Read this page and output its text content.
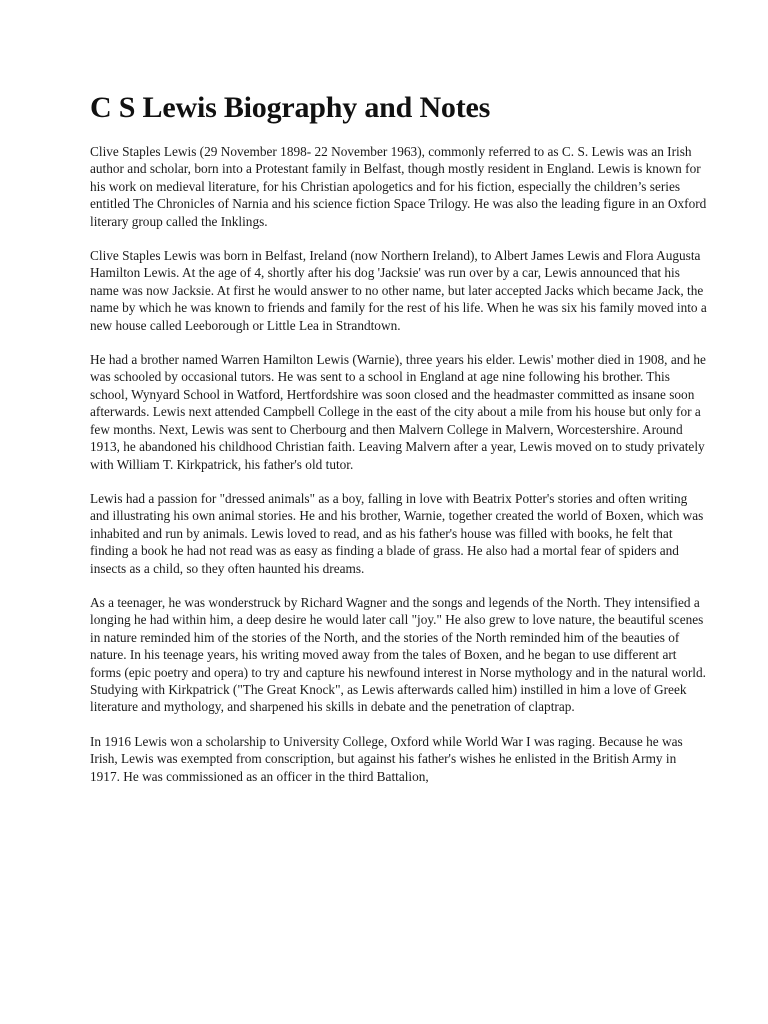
C S Lewis Biography and Notes

Clive Staples Lewis (29 November 1898- 22 November 1963), commonly referred to as C. S. Lewis was an Irish author and scholar, born into a Protestant family in Belfast, though mostly resident in England. Lewis is known for his work on medieval literature, for his Christian apologetics and for his fiction, especially the children’s series entitled The Chronicles of Narnia and his science fiction Space Trilogy. He was also the leading figure in an Oxford literary group called the Inklings.

Clive Staples Lewis was born in Belfast, Ireland (now Northern Ireland), to Albert James Lewis and Flora Augusta Hamilton Lewis. At the age of 4, shortly after his dog 'Jacksie' was run over by a car, Lewis announced that his name was now Jacksie. At first he would answer to no other name, but later accepted Jacks which became Jack, the name by which he was known to friends and family for the rest of his life. When he was six his family moved into a new house called Leeborough or Little Lea in Strandtown.

He had a brother named Warren Hamilton Lewis (Warnie), three years his elder. Lewis' mother died in 1908, and he was schooled by occasional tutors. He was sent to a school in England at age nine following his brother. This school, Wynyard School in Watford, Hertfordshire was soon closed and the headmaster committed as insane soon afterwards. Lewis next attended Campbell College in the east of the city about a mile from his house but only for a few months. Next, Lewis was sent to Cherbourg and then Malvern College in Malvern, Worcestershire. Around 1913, he abandoned his childhood Christian faith. Leaving Malvern after a year, Lewis moved on to study privately with William T. Kirkpatrick, his father's old tutor.

Lewis had a passion for "dressed animals" as a boy, falling in love with Beatrix Potter's stories and often writing and illustrating his own animal stories. He and his brother, Warnie, together created the world of Boxen, which was inhabited and run by animals. Lewis loved to read, and as his father's house was filled with books, he felt that finding a book he had not read was as easy as finding a blade of grass. He also had a mortal fear of spiders and insects as a child, so they often haunted his dreams.

As a teenager, he was wonderstruck by Richard Wagner and the songs and legends of the North. They intensified a longing he had within him, a deep desire he would later call "joy." He also grew to love nature, the beautiful scenes in nature reminded him of the stories of the North, and the stories of the North reminded him of the beauties of nature. In his teenage years, his writing moved away from the tales of Boxen, and he began to use different art forms (epic poetry and opera) to try and capture his newfound interest in Norse mythology and in the natural world. Studying with Kirkpatrick ("The Great Knock", as Lewis afterwards called him) instilled in him a love of Greek literature and mythology, and sharpened his skills in debate and the penetration of claptrap.

In 1916 Lewis won a scholarship to University College, Oxford while World War I was raging. Because he was Irish, Lewis was exempted from conscription, but against his father's wishes he enlisted in the British Army in 1917. He was commissioned as an officer in the third Battalion,
